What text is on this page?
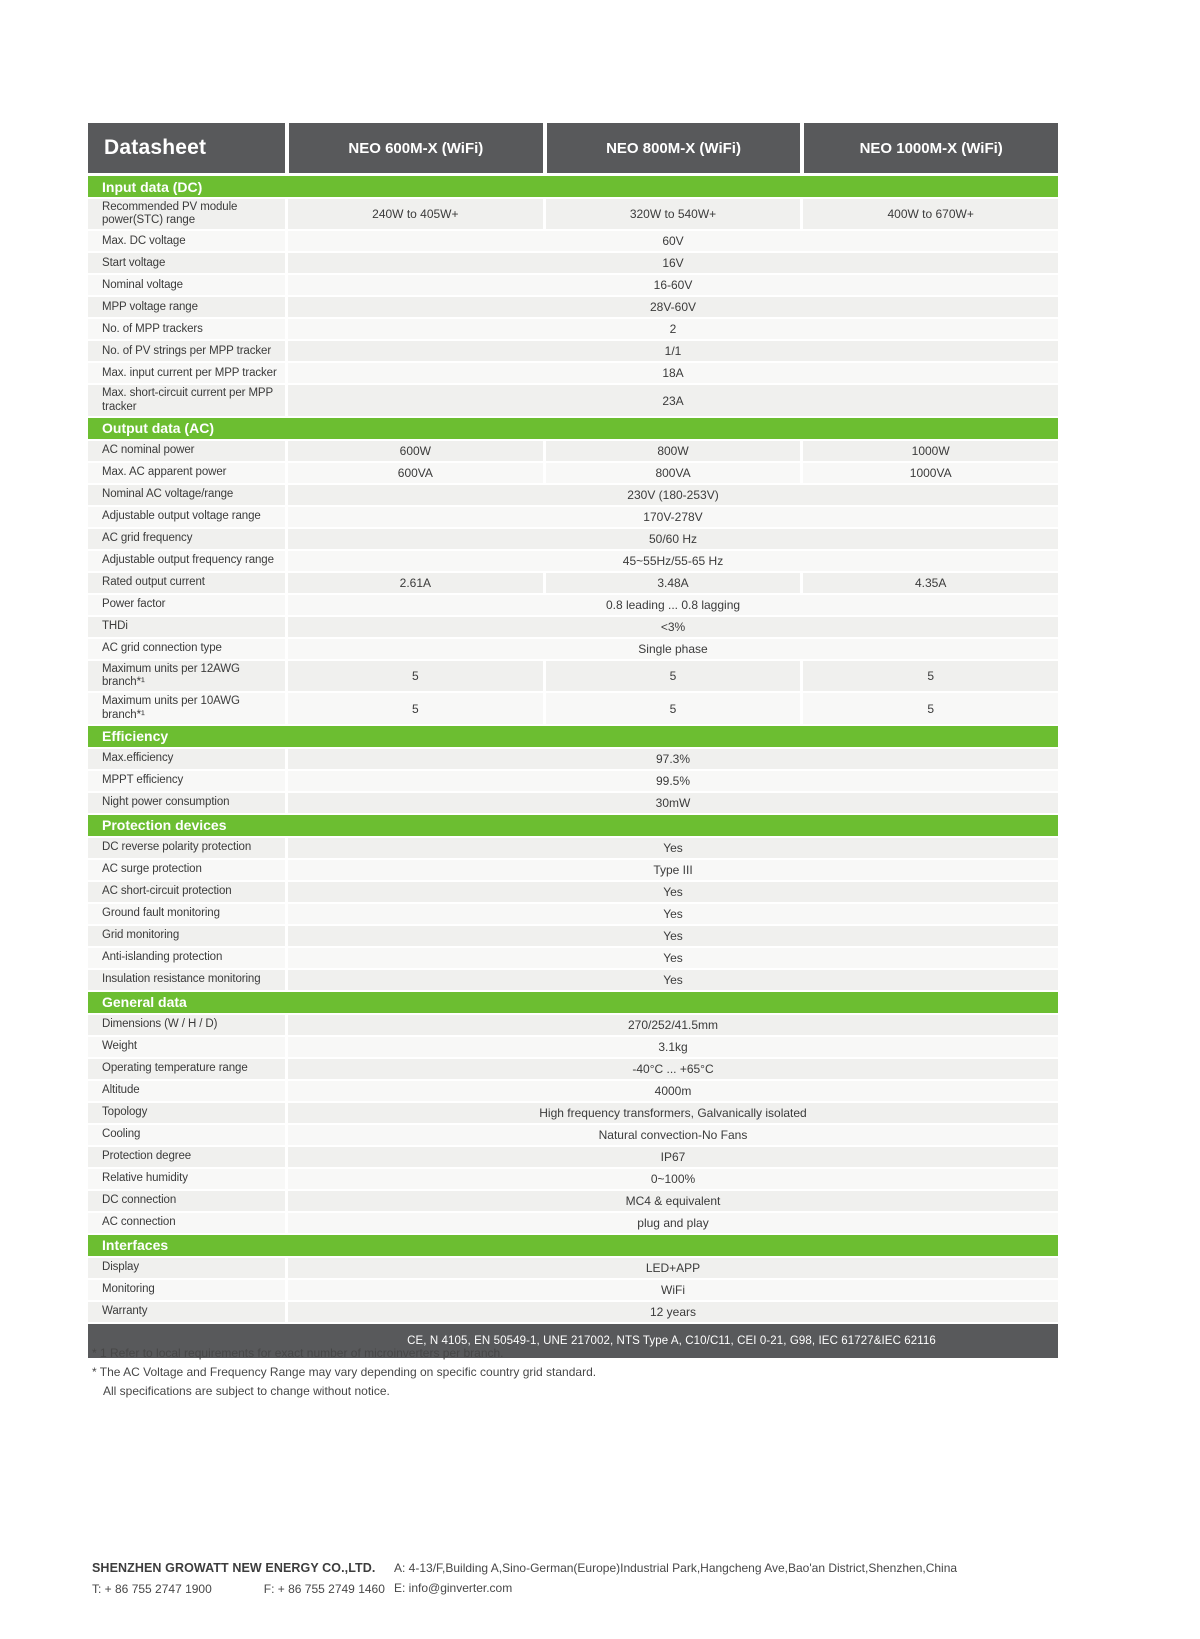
Datasheet	NEO 600M-X (WiFi)	NEO 800M-X (WiFi)	NEO 1000M-X (WiFi)
Input data (DC)
Recommended PV module power(STC) range	240W to 405W+	320W to 540W+	400W to 670W+
Max. DC voltage	60V
Start voltage	16V
Nominal voltage	16-60V
MPP voltage range	28V-60V
No. of MPP trackers	2
No. of PV strings per MPP tracker	1/1
Max. input current per MPP tracker	18A
Max. short-circuit current per MPP tracker	23A
Output data (AC)
AC nominal power	600W	800W	1000W
Max. AC apparent power	600VA	800VA	1000VA
Nominal AC voltage/range	230V (180-253V)
Adjustable output voltage range	170V-278V
AC grid frequency	50/60 Hz
Adjustable output frequency range	45~55Hz/55-65 Hz
Rated output current	2.61A	3.48A	4.35A
Power factor	0.8 leading ... 0.8 lagging
THDi	<3%
AC grid connection type	Single phase
Maximum units per 12AWG branch*¹	5	5	5
Maximum units per 10AWG branch*¹	5	5	5
Efficiency
Max.efficiency	97.3%
MPPT efficiency	99.5%
Night power consumption	30mW
Protection devices
DC reverse polarity protection	Yes
AC surge protection	Type III
AC short-circuit protection	Yes
Ground fault monitoring	Yes
Grid monitoring	Yes
Anti-islanding protection	Yes
Insulation resistance monitoring	Yes
General data
Dimensions (W / H / D)	270/252/41.5mm
Weight	3.1kg
Operating temperature range	-40°C ... +65°C
Altitude	4000m
Topology	High frequency transformers, Galvanically isolated
Cooling	Natural convection-No Fans
Protection degree	IP67
Relative humidity	0~100%
DC connection	MC4 & equivalent
AC connection	plug and play
Interfaces
Display	LED+APP
Monitoring	WiFi
Warranty	12 years
CE, N 4105, EN 50549-1, UNE 217002, NTS Type A, C10/C11, CEI 0-21, G98, IEC 61727&IEC 62116
* 1 Refer to local requirements for exact number of microinverters per branch.
* The AC Voltage and Frequency Range may vary depending on specific country grid standard.
All specifications are subject to change without notice.
SHENZHEN GROWATT NEW ENERGY CO.,LTD.
T: + 86 755 2747 1900	F: + 86 755 2749 1460
A: 4-13/F,Building A,Sino-German(Europe)Industrial Park,Hangcheng Ave,Bao'an District,Shenzhen,China
E: info@ginverter.com
